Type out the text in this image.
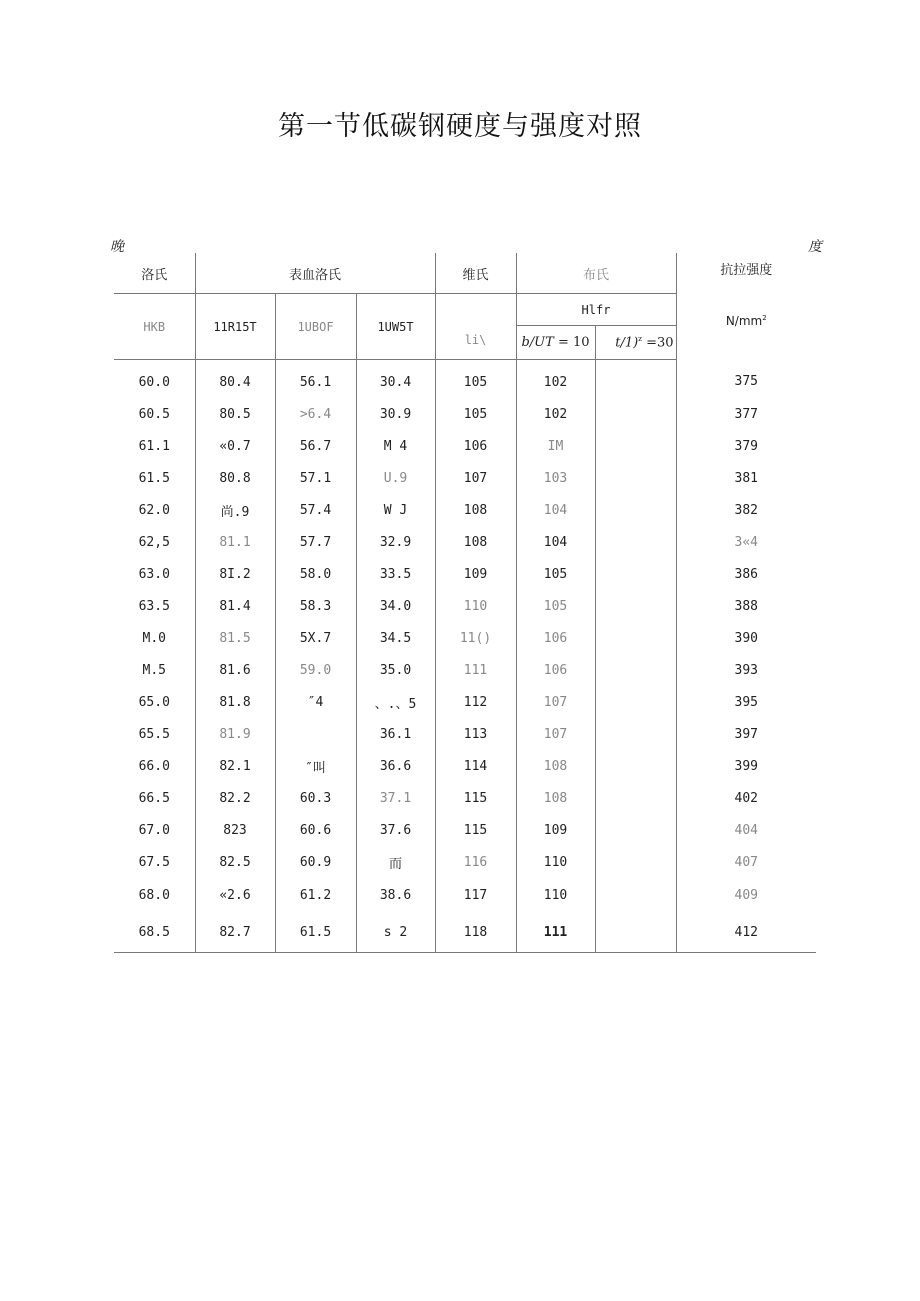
第一节低碳钢硬度与强度对照
晚	度
洛氏	表血洛氏			维氏	布氏		抗拉强度
$N/mm^2$

HKB	11R15T	1UBOF	1UW5T	li\	Hlfr		
					b/UT = 10	t/1)$^z$ =30	
60.0	80.4	56.1	30.4	105	102		375
60.5	80.5	>6.4	30.9	105	102		377
61.1	«0.7	56.7	M 4	106	IM		379
61.5	80.8	57.1	U.9	107	103		381
62.0	尚.9	57.4	W J	108	104		382
62,5	81.1	57.7	32.9	108	104		3«4
63.0	8I.2	58.0	33.5	109	105		386
63.5	81.4	58.3	34.0	110	105		388
M.0	81.5	5X.7	34.5	11()	106		390
M.5	81.6	59.0	35.0	111	106		393
65.0	81.8	″4	、.、5	112	107		395
65.5	81.9		36.1	113	107		397
66.0	82.1	″叫	36.6	114	108		399
66.5	82.2	60.3	37.1	115	108		402
67.0	823	60.6	37.6	115	109		404
67.5	82.5	60.9	而	116	110		407
68.0	«2.6	61.2	38.6	117	110		409
68.5	82.7	61.5	s 2	118	111		412
